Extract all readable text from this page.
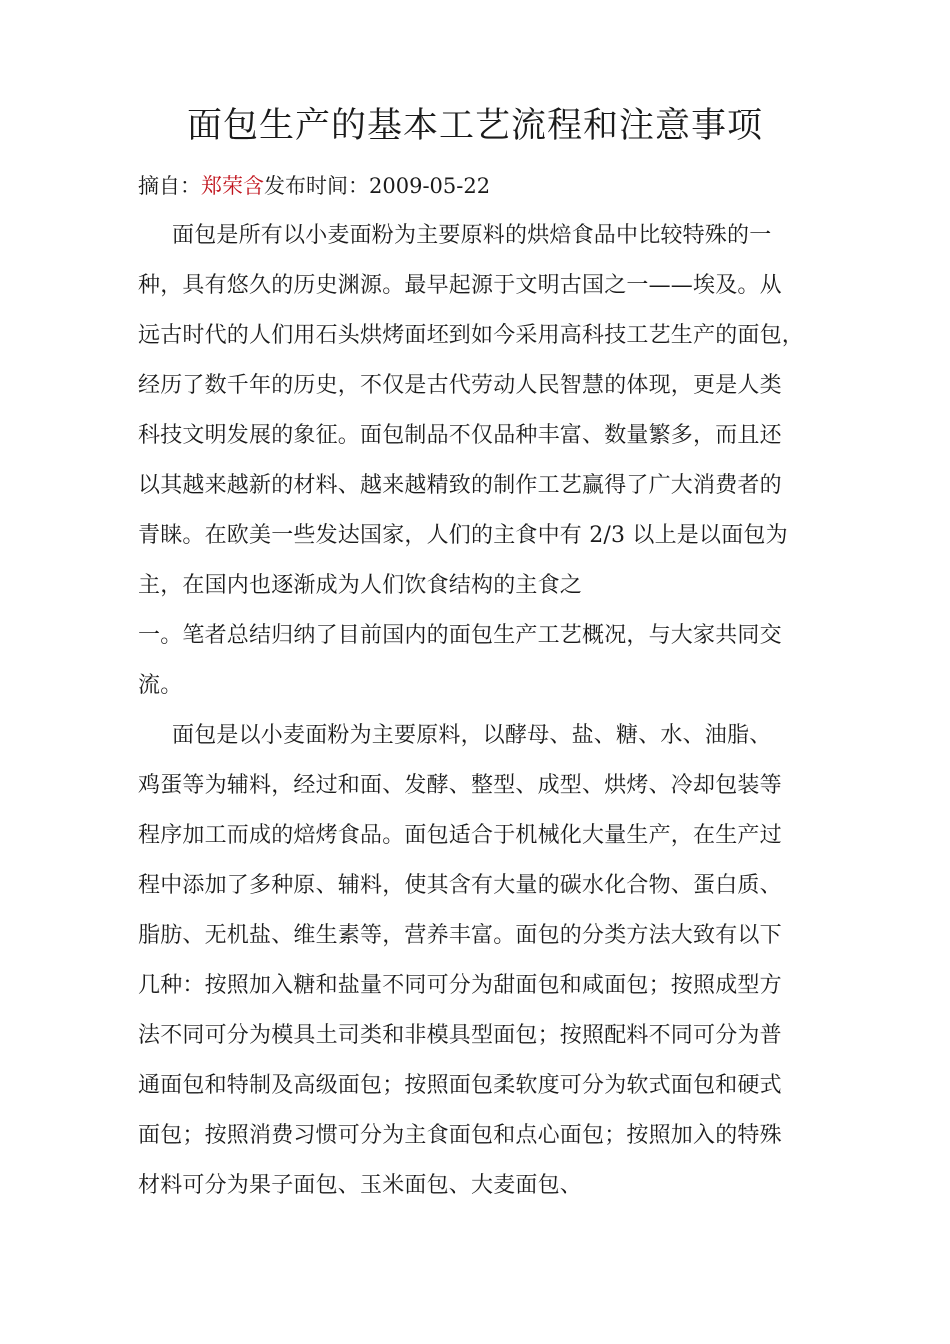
面包生产的基本工艺流程和注意事项
摘自：郑荣含发布时间：2009-05-22
面包是所有以小麦面粉为主要原料的烘焙食品中比较特殊的一
种，具有悠久的历史渊源。最早起源于文明古国之一——埃及。从
远古时代的人们用石头烘烤面坯到如今采用高科技工艺生产的面包，
经历了数千年的历史，不仅是古代劳动人民智慧的体现，更是人类
科技文明发展的象征。面包制品不仅品种丰富、数量繁多，而且还
以其越来越新的材料、越来越精致的制作工艺赢得了广大消费者的
青睐。在欧美一些发达国家，人们的主食中有 2/3 以上是以面包为
主，在国内也逐渐成为人们饮食结构的主食之
一。笔者总结归纳了目前国内的面包生产工艺概况，与大家共同交
流。
面包是以小麦面粉为主要原料，以酵母、盐、糖、水、油脂、
鸡蛋等为辅料，经过和面、发酵、整型、成型、烘烤、冷却包装等
程序加工而成的焙烤食品。面包适合于机械化大量生产，在生产过
程中添加了多种原、辅料，使其含有大量的碳水化合物、蛋白质、
脂肪、无机盐、维生素等，营养丰富。面包的分类方法大致有以下
几种：按照加入糖和盐量不同可分为甜面包和咸面包；按照成型方
法不同可分为模具土司类和非模具型面包；按照配料不同可分为普
通面包和特制及高级面包；按照面包柔软度可分为软式面包和硬式
面包；按照消费习惯可分为主食面包和点心面包；按照加入的特殊
材料可分为果子面包、玉米面包、大麦面包、
